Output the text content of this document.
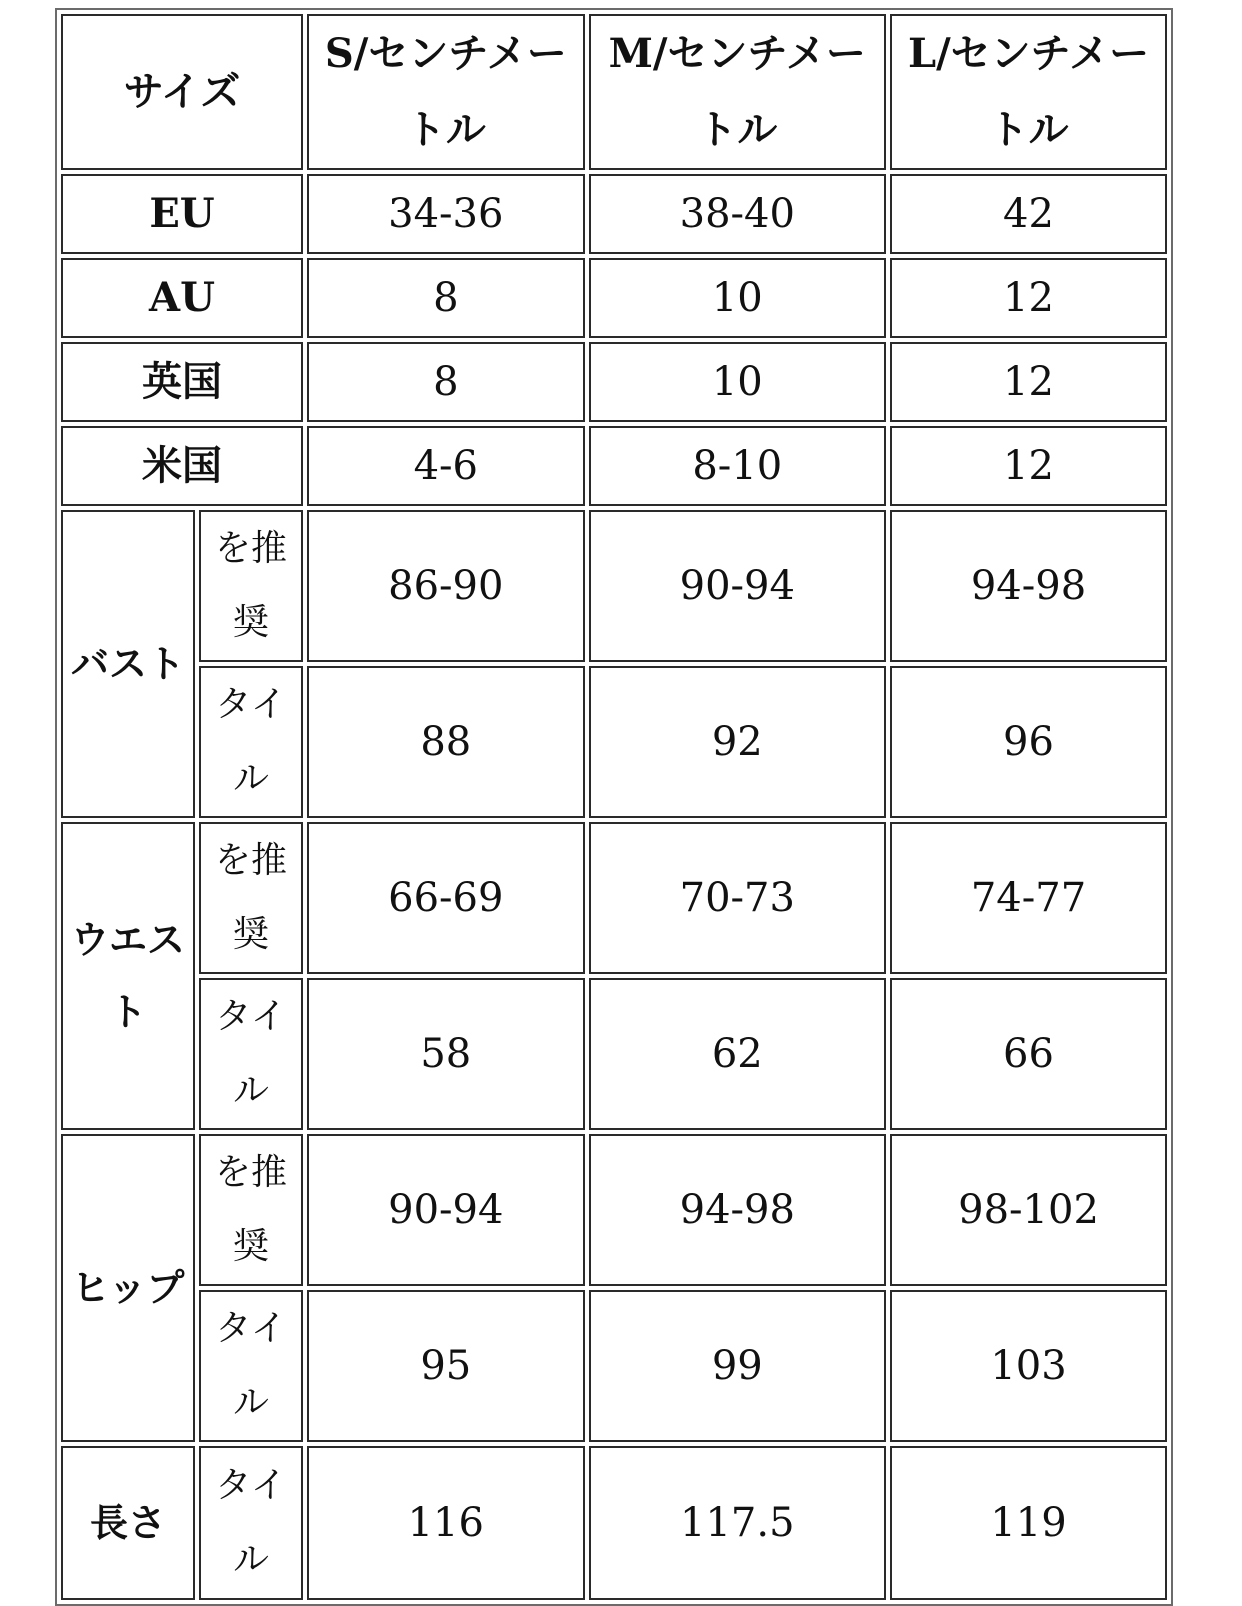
サイズ		S/センチメートル	M/センチメートル	L/センチメートル
EU		34-36	38-40	42
AU		8	10	12
英国		8	10	12
米国		4-6	8-10	12
バスト	を推奨	86-90	90-94	94-98
	タイル	88	92	96
ウエスト	を推奨	66-69	70-73	74-77
	タイル	58	62	66
ヒップ	を推奨	90-94	94-98	98-102
	タイル	95	99	103
長さ	タイル	116	117.5	119
